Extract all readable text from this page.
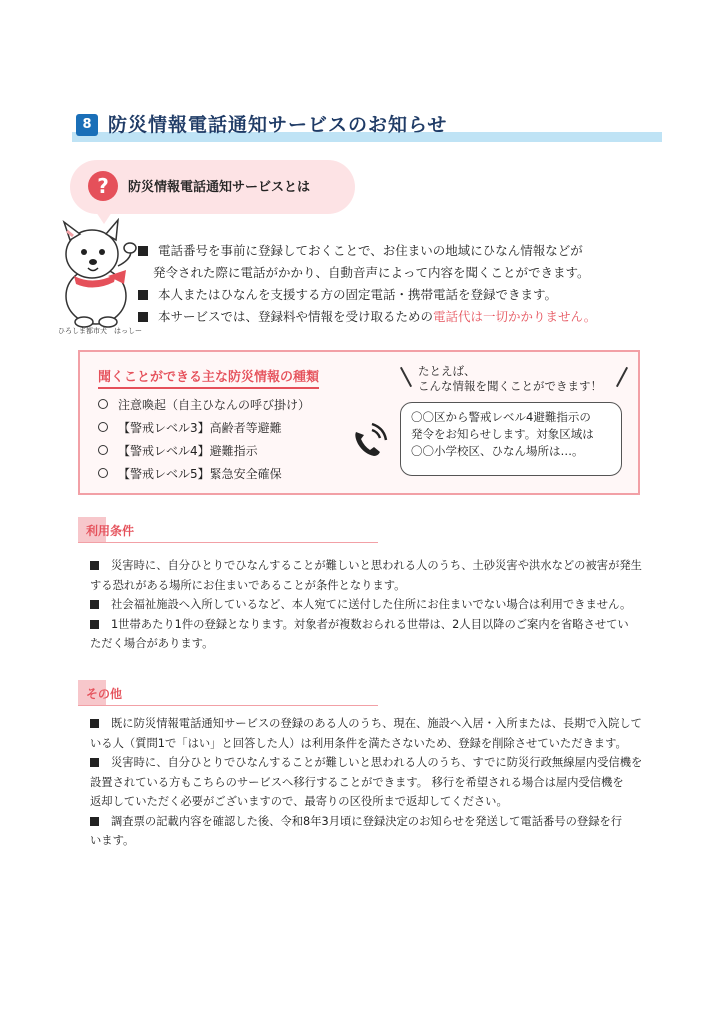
8 防災情報電話通知サービスのお知らせ
?	防災情報電話通知サービスとは
ひろしま都市犬　はっしー
電話番号を事前に登録しておくことで、お住まいの地域にひなん情報などが
発令された際に電話がかかり、自動音声によって内容を聞くことができます。
本人またはひなんを支援する方の固定電話・携帯電話を登録できます。
本サービスでは、登録料や情報を受け取るための電話代は一切かかりません。
聞くことができる主な防災情報の種類
注意喚起（自主ひなんの呼び掛け）
【警戒レベル3】高齢者等避難
【警戒レベル4】避難指示
【警戒レベル5】緊急安全確保
たとえば、
こんな情報を聞くことができます！
〇〇区から警戒レベル4避難指示の
発令をお知らせします。対象区域は
〇〇小学校区、ひなん場所は…。
利用条件
災害時に、自分ひとりでひなんすることが難しいと思われる人のうち、土砂災害や洪水などの被害が発生
する恐れがある場所にお住まいであることが条件となります。
社会福祉施設へ入所しているなど、本人宛てに送付した住所にお住まいでない場合は利用できません。
1世帯あたり1件の登録となります。対象者が複数おられる世帯は、2人目以降のご案内を省略させてい
ただく場合があります。
その他
既に防災情報電話通知サービスの登録のある人のうち、現在、施設へ入居・入所または、長期で入院して
いる人（質問1で「はい」と回答した人）は利用条件を満たさないため、登録を削除させていただきます。
災害時に、自分ひとりでひなんすることが難しいと思われる人のうち、すでに防災行政無線屋内受信機を
設置されている方もこちらのサービスへ移行することができます。 移行を希望される場合は屋内受信機を
返却していただく必要がございますので、最寄りの区役所まで返却してください。
調査票の記載内容を確認した後、令和8年3月頃に登録決定のお知らせを発送して電話番号の登録を行
います。
